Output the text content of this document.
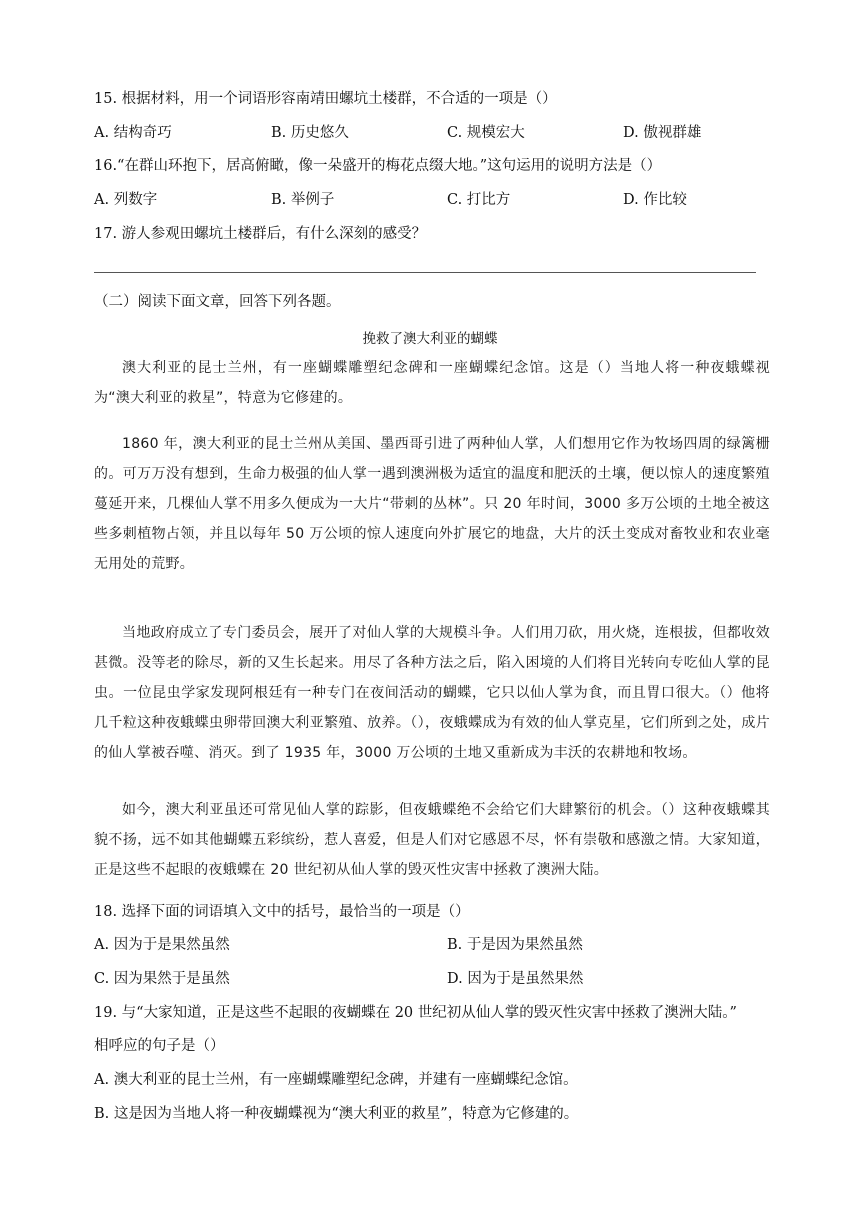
15. 根据材料，用一个词语形容南靖田螺坑土楼群，不合适的一项是（）
A. 结构奇巧	B. 历史悠久	C. 规模宏大	D. 傲视群雄
16.“在群山环抱下，居高俯瞰，像一朵盛开的梅花点缀大地。”这句运用的说明方法是（）
A. 列数字	B. 举例子	C. 打比方	D. 作比较
17. 游人参观田螺坑土楼群后，有什么深刻的感受？
（二）阅读下面文章，回答下列各题。
挽救了澳大利亚的蝴蝶
澳大利亚的昆士兰州，有一座蝴蝶雕塑纪念碑和一座蝴蝶纪念馆。这是（）当地人将一种夜蛾蝶视为“澳大利亚的救星”，特意为它修建的。
1860 年，澳大利亚的昆士兰州从美国、墨西哥引进了两种仙人掌，人们想用它作为牧场四周的绿篱栅的。可万万没有想到，生命力极强的仙人掌一遇到澳洲极为适宜的温度和肥沃的土壤，便以惊人的速度繁殖蔓延开来，几棵仙人掌不用多久便成为一大片“带刺的丛林”。只 20 年时间，3000 多万公顷的土地全被这些多刺植物占领，并且以每年 50 万公顷的惊人速度向外扩展它的地盘，大片的沃土变成对畜牧业和农业毫无用处的荒野。
当地政府成立了专门委员会，展开了对仙人掌的大规模斗争。人们用刀砍，用火烧，连根拔，但都收效甚微。没等老的除尽，新的又生长起来。用尽了各种方法之后，陷入困境的人们将目光转向专吃仙人掌的昆虫。一位昆虫学家发现阿根廷有一种专门在夜间活动的蝴蝶，它只以仙人掌为食，而且胃口很大。（）他将几千粒这种夜蛾蝶虫卵带回澳大利亚繁殖、放养。（），夜蛾蝶成为有效的仙人掌克星，它们所到之处，成片的仙人掌被吞噬、消灭。到了 1935 年，3000 万公顷的土地又重新成为丰沃的农耕地和牧场。
如今，澳大利亚虽还可常见仙人掌的踪影，但夜蛾蝶绝不会给它们大肆繁衍的机会。（）这种夜蛾蝶其貌不扬，远不如其他蝴蝶五彩缤纷，惹人喜爱，但是人们对它感恩不尽，怀有崇敬和感激之情。大家知道，正是这些不起眼的夜蛾蝶在 20 世纪初从仙人掌的毁灭性灾害中拯救了澳洲大陆。
18. 选择下面的词语填入文中的括号，最恰当的一项是（）
A. 因为于是果然虽然	B. 于是因为果然虽然
C. 因为果然于是虽然	D. 因为于是虽然果然
19. 与“大家知道，正是这些不起眼的夜蝴蝶在 20 世纪初从仙人掌的毁灭性灾害中拯救了澳洲大陆。”
相呼应的句子是（）
A. 澳大利亚的昆士兰州，有一座蝴蝶雕塑纪念碑，并建有一座蝴蝶纪念馆。
B. 这是因为当地人将一种夜蝴蝶视为“澳大利亚的救星”，特意为它修建的。
